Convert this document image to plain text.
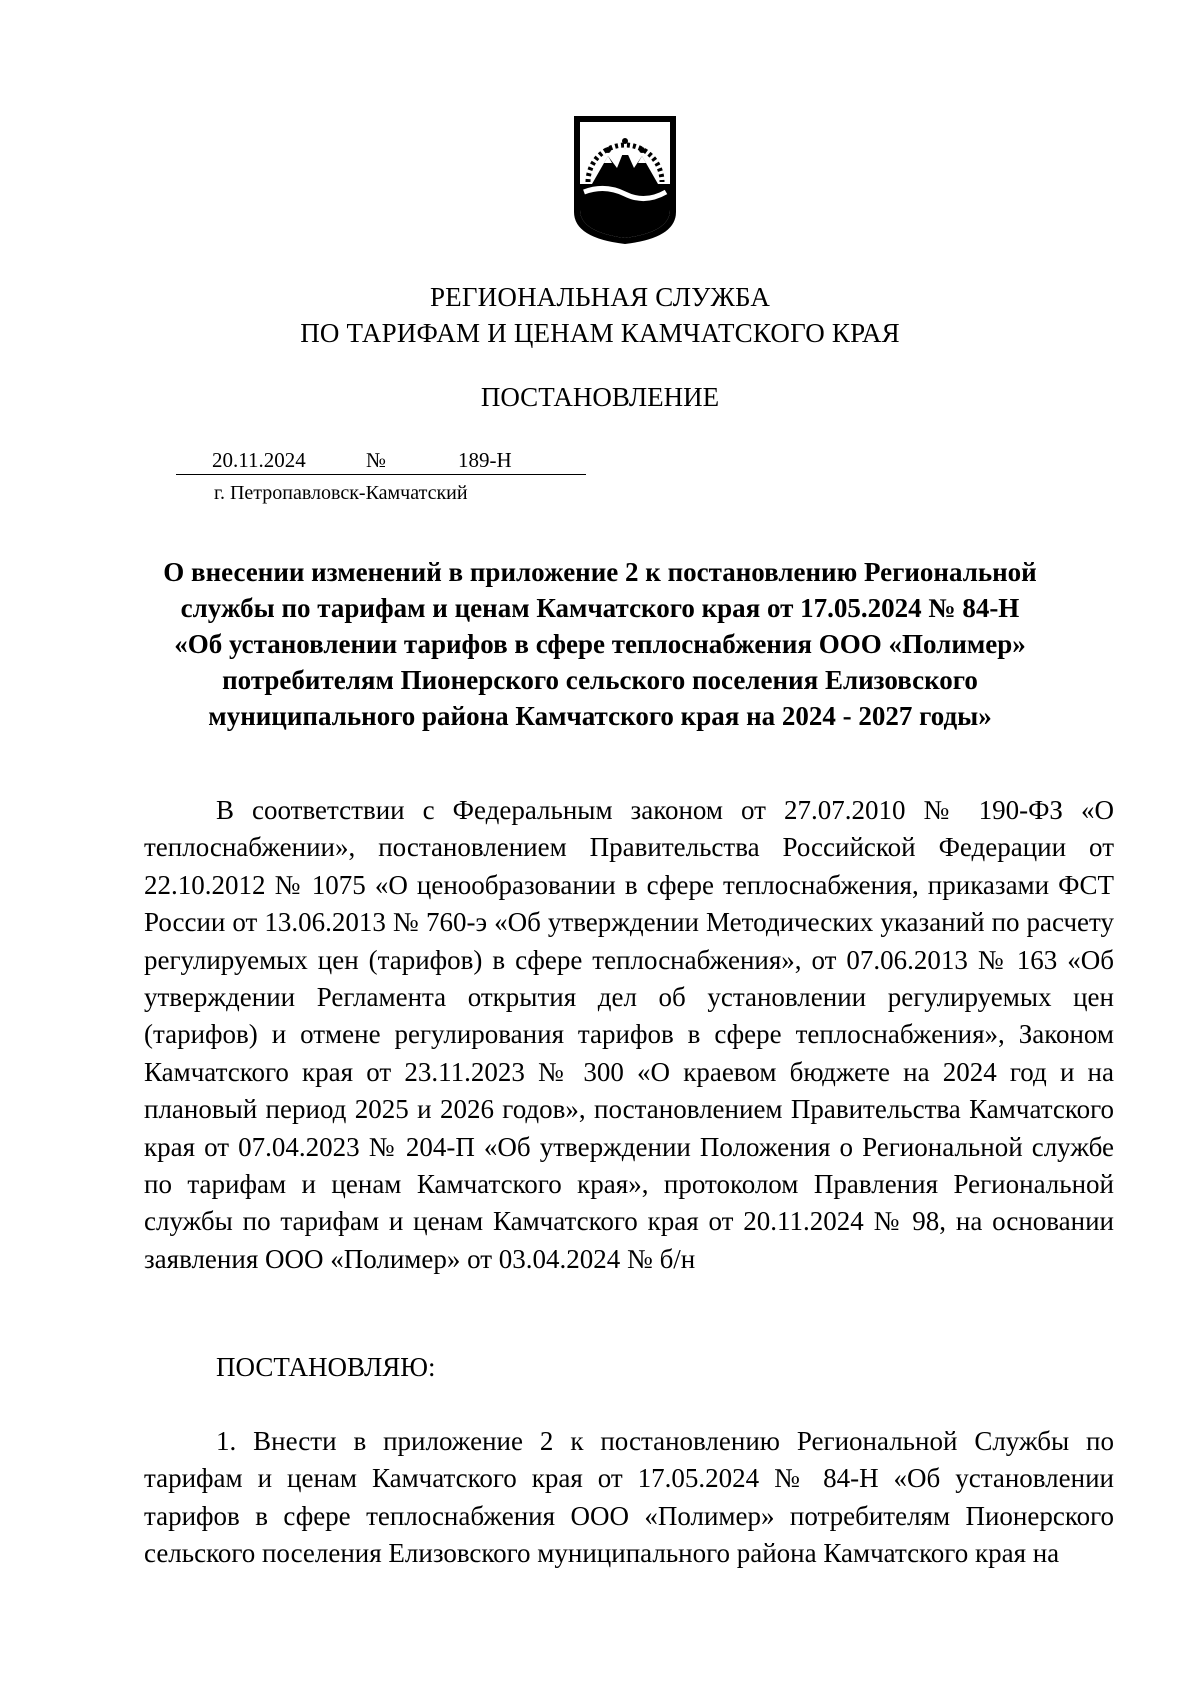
РЕГИОНАЛЬНАЯ СЛУЖБА
ПО ТАРИФАМ И ЦЕНАМ КАМЧАТСКОГО КРАЯ
ПОСТАНОВЛЕНИЕ
20.11.2024	№	189-Н
г. Петропавловск-Камчатский
О внесении изменений в приложение 2 к постановлению Региональной
службы по тарифам и ценам Камчатского края от 17.05.2024 № 84-Н
«Об установлении тарифов в сфере теплоснабжения ООО «Полимер»
потребителям Пионерского сельского поселения Елизовского
муниципального района Камчатского края на 2024 - 2027 годы»

В соответствии с Федеральным законом от 27.07.2010 № 190-ФЗ «О теплоснабжении», постановлением Правительства Российской Федерации от 22.10.2012 № 1075 «О ценообразовании в сфере теплоснабжения, приказами ФСТ России от 13.06.2013 № 760-э «Об утверждении Методических указаний по расчету регулируемых цен (тарифов) в сфере теплоснабжения», от 07.06.2013 № 163 «Об утверждении Регламента открытия дел об установлении регулируемых цен (тарифов) и отмене регулирования тарифов в сфере теплоснабжения», Законом Камчатского края от 23.11.2023 № 300 «О краевом бюджете на 2024 год и на плановый период 2025 и 2026 годов», постановлением Правительства Камчатского края от 07.04.2023 № 204-П «Об утверждении Положения о Региональной службе по тарифам и ценам Камчатского края», протоколом Правления Региональной службы по тарифам и ценам Камчатского края от 20.11.2024 № 98, на основании заявления ООО «Полимер» от 03.04.2024 № б/н

ПОСТАНОВЛЯЮ:

1. Внести в приложение 2 к постановлению Региональной Службы по тарифам и ценам Камчатского края от 17.05.2024 № 84-Н «Об установлении тарифов в сфере теплоснабжения ООО «Полимер» потребителям Пионерского сельского поселения Елизовского муниципального района Камчатского края на
